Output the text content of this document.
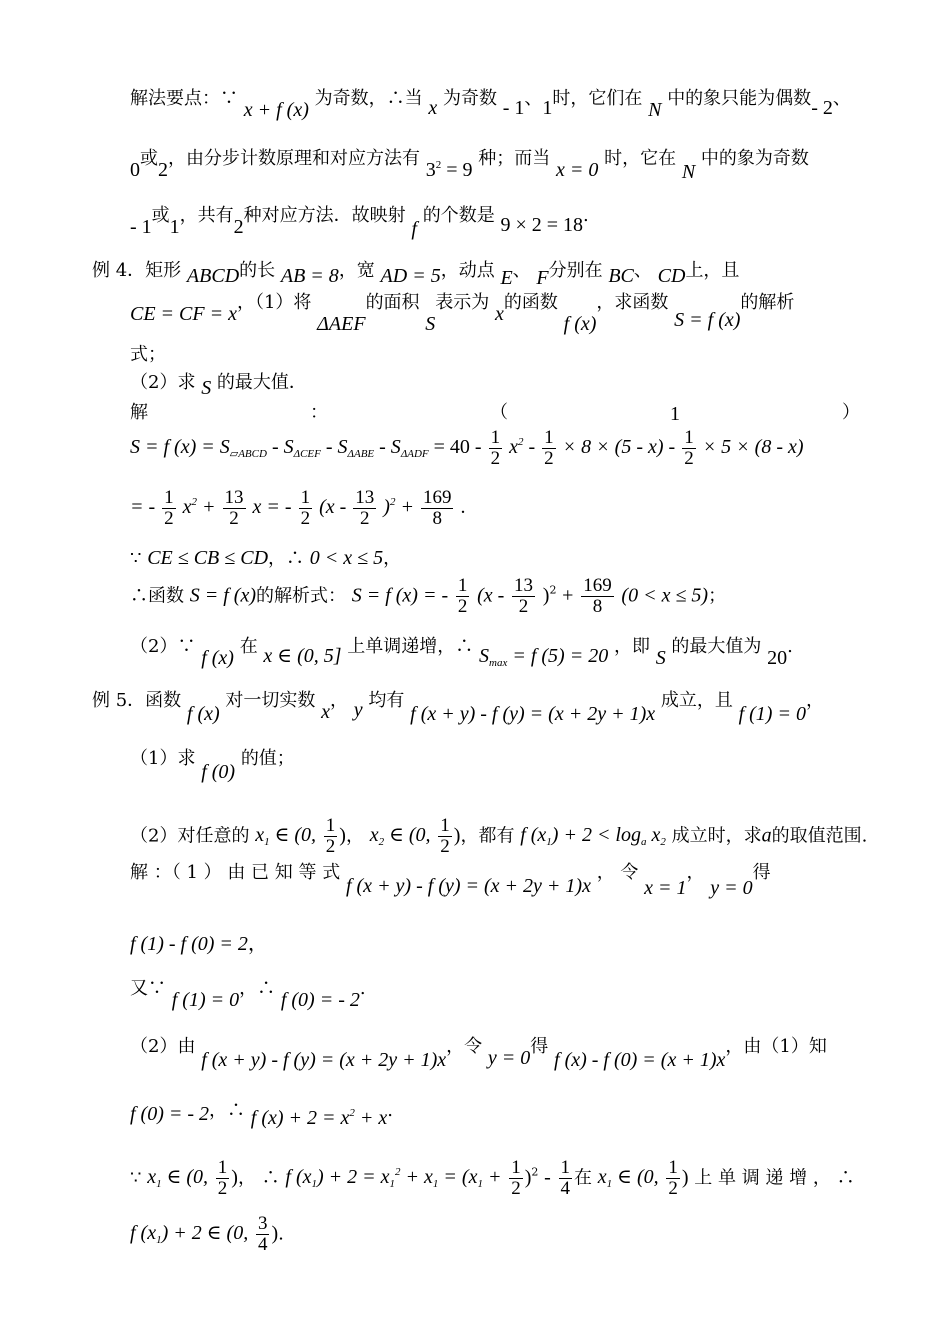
解法要点：∵ x + f (x) 为奇数，∴当 x 为奇数 - 1、1时，它们在 N 中的象只能为偶数- 2、
0或2，由分步计数原理和对应方法有 $3^2 = 9$ 种；而当 x = 0 时，它在 N 中的象为奇数
- 1或1，共有2种对应方法．故映射 f 的个数是 9 × 2 = 18.
例 4．矩形 ABCD的长 AB = 8，宽 AD = 5，动点 E、 F分别在 BC、 CD上，且
CE = CF = x，（1）将 ΔAEF的面积 S表示为 x的函数 f (x)，求函数 S = f (x)的解析
式；
（2）求 S 的最大值．
解	：	（	1	）
S = f $(x) = S_{▱ABCD} - S_{\Delta CEF} - S_{\Delta ABE} - S_{\Delta ADF} = 40 - \frac{1}{2} x^2 - \frac{1}{2} \times 8 \times (5 - x) - \frac{1}{2} \times 5 \times (8 - x)$
= - $\frac{1}{2} x^2 + \frac{13}{2}$ x = - $\frac{1}{2} (x - \frac{13}{2} )^2 + \frac{169}{8}$ .
∵ CE ≤ CB ≤ CD，∴ 0 < x ≤ 5，
∴函数 S = f (x)的解析式： S = f (x) = - $\frac{1}{2} (x - \frac{13}{2} )^2 + \frac{169}{8} (0 < x \le 5)$；
（2）∵ f (x) 在 x ∈ (0, 5] 上单调递增，∴ $S_{max} = f$ (5) = 20 ，即 S 的最大值为 20.
例 5．函数 f (x) 对一切实数 x， y 均有 f (x + y) - f (y) = (x + 2y + 1)x 成立，且 f (1) = 0，
（1）求 f (0) 的值；
（2）对任意的 $x_1$ ∈ (0, $\frac{1}{2}$ )， $x_2$ ∈ (0, $\frac{1}{2}$ )，都有 f $(x_1) + 2 < \log_a x_2$ 成立时，求a的取值范围.
解 ：（ 1 ） 由 已 知 等 式 f (x + y) - f (y) = (x + 2y + 1)x ， 令 x = 1， y = 0得
f (1) - f (0) = 2，
又∵ f (1) = 0，∴ f (0) = - 2.
（2）由 f (x + y) - f (y) = (x + 2y + 1)x，令 y = 0得 f (x) - f (0) = (x + 1)x，由（1）知
f (0) = - 2，∴ f $(x) + 2 = x^2 + x$.
∵ $x_1$ ∈ (0, $\frac{1}{2}$ )， ∴ f $(x_1) + 2 = x_1^2 + x_1 = (x_1 + \frac{1}{2} )^2 - \frac{1}{4}$ 在 $x_1$ ∈ (0, $\frac{1}{2}$ ) 上 单 调 递 增 ， ∴
f $(x_1) + 2$ ∈ (0, $\frac{3}{4}$ ).
